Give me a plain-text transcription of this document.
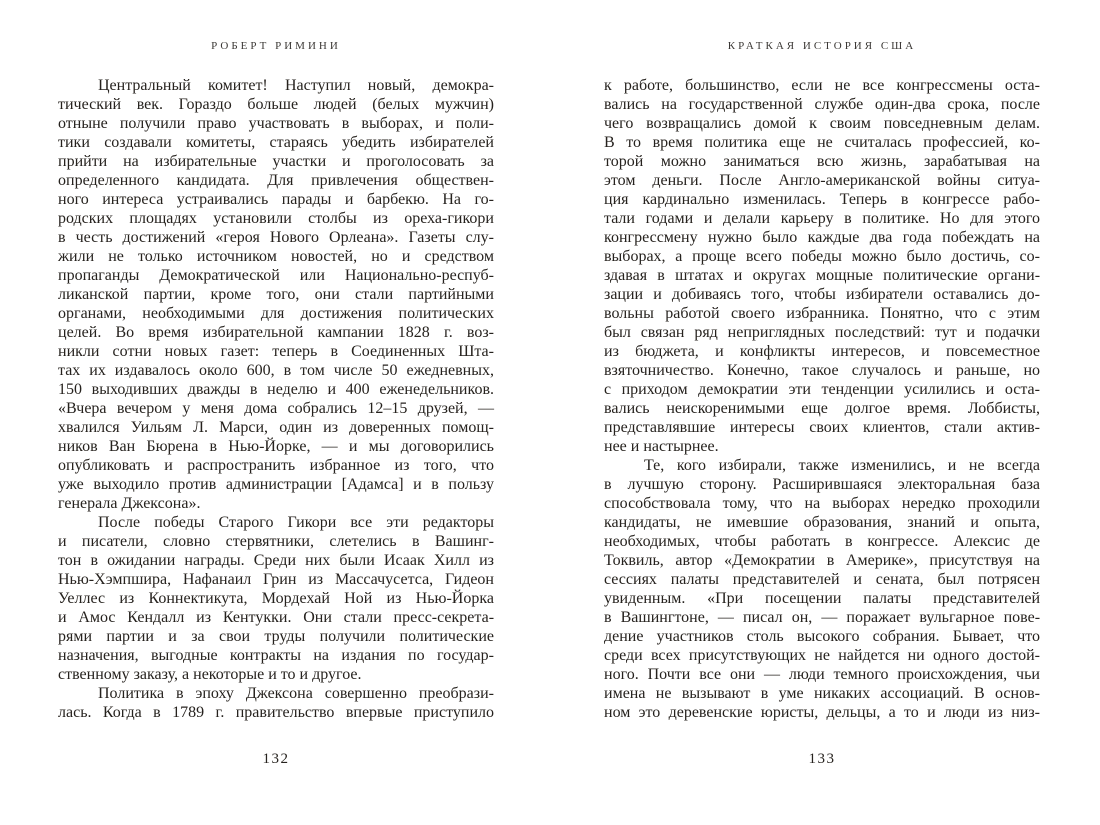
РОБЕРТ РИМИНИ
Центральный комитет! Наступил новый, демокра-
тический век. Гораздо больше людей (белых мужчин)
отныне получили право участвовать в выборах, и поли-
тики создавали комитеты, стараясь убедить избирателей
прийти на избирательные участки и проголосовать за
определенного кандидата. Для привлечения обществен-
ного интереса устраивались парады и барбекю. На го-
родских площадях установили столбы из ореха-гикори
в честь достижений «героя Нового Орлеана». Газеты слу-
жили не только источником новостей, но и средством
пропаганды Демократической или Национально-респуб-
ликанской партии, кроме того, они стали партийными
органами, необходимыми для достижения политических
целей. Во время избирательной кампании 1828 г. воз-
никли сотни новых газет: теперь в Соединенных Шта-
тах их издавалось около 600, в том числе 50 ежедневных,
150 выходивших дважды в неделю и 400 еженедельников.
«Вчера вечером у меня дома собрались 12–15 друзей, —
хвалился Уильям Л. Марси, один из доверенных помощ-
ников Ван Бюрена в Нью-Йорке, — и мы договорились
опубликовать и распространить избранное из того, что
уже выходило против администрации [Адамса] и в пользу
генерала Джексона».
После победы Старого Гикори все эти редакторы
и писатели, словно стервятники, слетелись в Вашинг-
тон в ожидании награды. Среди них были Исаак Хилл из
Нью-Хэмпшира, Нафанаил Грин из Массачусетса, Гидеон
Уеллес из Коннектикута, Мордехай Ной из Нью-Йорка
и Амос Кендалл из Кентукки. Они стали пресс-секрета-
рями партии и за свои труды получили политические
назначения, выгодные контракты на издания по государ-
ственному заказу, а некоторые и то и другое.
Политика в эпоху Джексона совершенно преобрази-
лась. Когда в 1789 г. правительство впервые приступило
132
КРАТКАЯ ИСТОРИЯ США
к работе, большинство, если не все конгрессмены оста-
вались на государственной службе один-два срока, после
чего возвращались домой к своим повседневным делам.
В то время политика еще не считалась профессией, ко-
торой можно заниматься всю жизнь, зарабатывая на
этом деньги. После Англо-американской войны ситуа-
ция кардинально изменилась. Теперь в конгрессе рабо-
тали годами и делали карьеру в политике. Но для этого
конгрессмену нужно было каждые два года побеждать на
выборах, а проще всего победы можно было достичь, со-
здавая в штатах и округах мощные политические органи-
зации и добиваясь того, чтобы избиратели оставались до-
вольны работой своего избранника. Понятно, что с этим
был связан ряд неприглядных последствий: тут и подачки
из бюджета, и конфликты интересов, и повсеместное
взяточничество. Конечно, такое случалось и раньше, но
с приходом демократии эти тенденции усилились и оста-
вались неискоренимыми еще долгое время. Лоббисты,
представлявшие интересы своих клиентов, стали актив-
нее и настырнее.
Те, кого избирали, также изменились, и не всегда
в лучшую сторону. Расширившаяся электоральная база
способствовала тому, что на выборах нередко проходили
кандидаты, не имевшие образования, знаний и опыта,
необходимых, чтобы работать в конгрессе. Алексис де
Токвиль, автор «Демократии в Америке», присутствуя на
сессиях палаты представителей и сената, был потрясен
увиденным. «При посещении палаты представителей
в Вашингтоне, — писал он, — поражает вульгарное пове-
дение участников столь высокого собрания. Бывает, что
среди всех присутствующих не найдется ни одного достой-
ного. Почти все они — люди темного происхождения, чьи
имена не вызывают в уме никаких ассоциаций. В основ-
ном это деревенские юристы, дельцы, а то и люди из низ-
133
